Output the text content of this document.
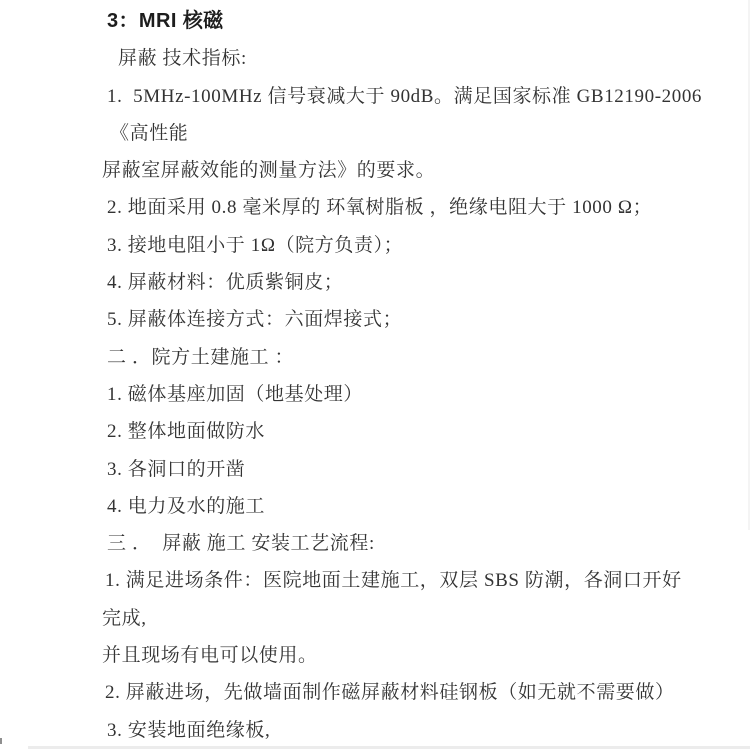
3：MRI 核磁
屏蔽 技术指标:
1.  5MHz-100MHz 信号衰减大于 90dB。满足国家标准 GB12190-2006
《高性能
屏蔽室屏蔽效能的测量方法》的要求。
2. 地面采用 0.8 毫米厚的 环氧树脂板 ，绝缘电阻大于 1000 Ω；
3. 接地电阻小于 1Ω（院方负责）；
4. 屏蔽材料：优质紫铜皮；
5. 屏蔽体连接方式：六面焊接式；
二 ．院方土建施工 ：
1. 磁体基座加固（地基处理）
2. 整体地面做防水
3. 各洞口的开凿
4. 电力及水的施工
三 ．  屏蔽 施工 安装工艺流程:
1. 满足进场条件：医院地面土建施工，双层 SBS 防潮，各洞口开好
完成,
并且现场有电可以使用。
2. 屏蔽进场，先做墙面制作磁屏蔽材料硅钢板（如无就不需要做）
3. 安装地面绝缘板,
